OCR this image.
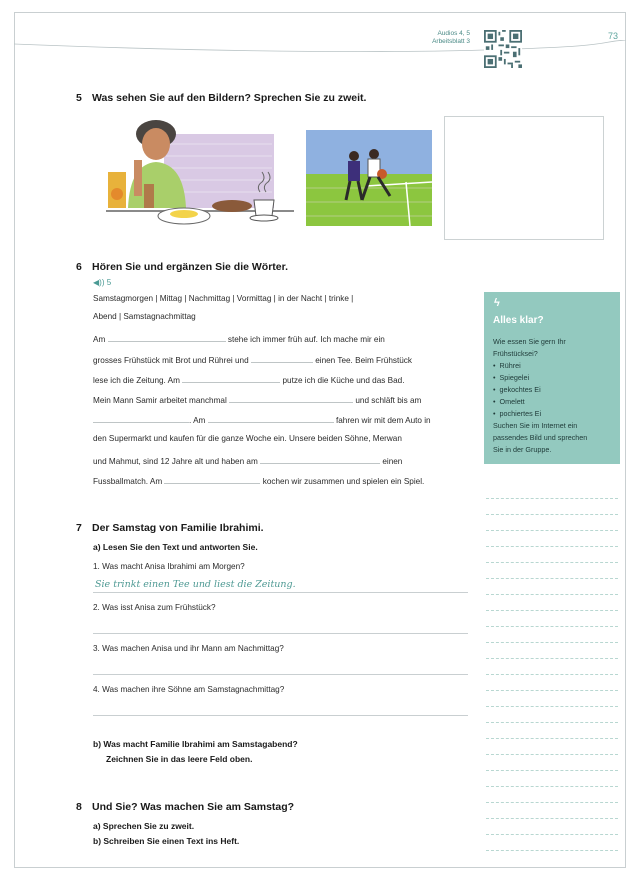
Audios 4, 5
Arbeitsblatt 3
73
5 Was sehen Sie auf den Bildern? Sprechen Sie zu zweit.
6 Hören Sie und ergänzen Sie die Wörter.
◀)) 5
Samstagmorgen | Mittag | Nachmittag | Vormittag | in der Nacht | trinke |
Abend | Samstagnachmittag
Am	stehe ich immer früh auf. Ich mache mir ein
grosses Frühstück mit Brot und Rührei und	einen Tee. Beim Frühstück
lese ich die Zeitung. Am	putze ich die Küche und das Bad.
Mein Mann Samir arbeitet manchmal	und schläft bis am
. Am	fahren wir mit dem Auto in
den Supermarkt und kaufen für die ganze Woche ein. Unsere beiden Söhne, Merwan
und Mahmut, sind 12 Jahre alt und haben am	einen
Fussballmatch. Am	kochen wir zusammen und spielen ein Spiel.
ϟ
Alles klar?
Wie essen Sie gern Ihr
Frühstücksei?
•  Rührei
•  Spiegelei
•  gekochtes Ei
•  Omelett
•  pochiertes Ei
Suchen Sie im Internet ein
passendes Bild und sprechen
Sie in der Gruppe.
7 Der Samstag von Familie Ibrahimi.
a) Lesen Sie den Text und antworten Sie.
1. Was macht Anisa Ibrahimi am Morgen?
Sie trinkt einen Tee und liest die Zeitung.
2. Was isst Anisa zum Frühstück?
3. Was machen Anisa und ihr Mann am Nachmittag?
4. Was machen ihre Söhne am Samstagnachmittag?
b) Was macht Familie Ibrahimi am Samstagabend?
Zeichnen Sie in das leere Feld oben.
8 Und Sie? Was machen Sie am Samstag?
a) Sprechen Sie zu zweit.
b) Schreiben Sie einen Text ins Heft.
